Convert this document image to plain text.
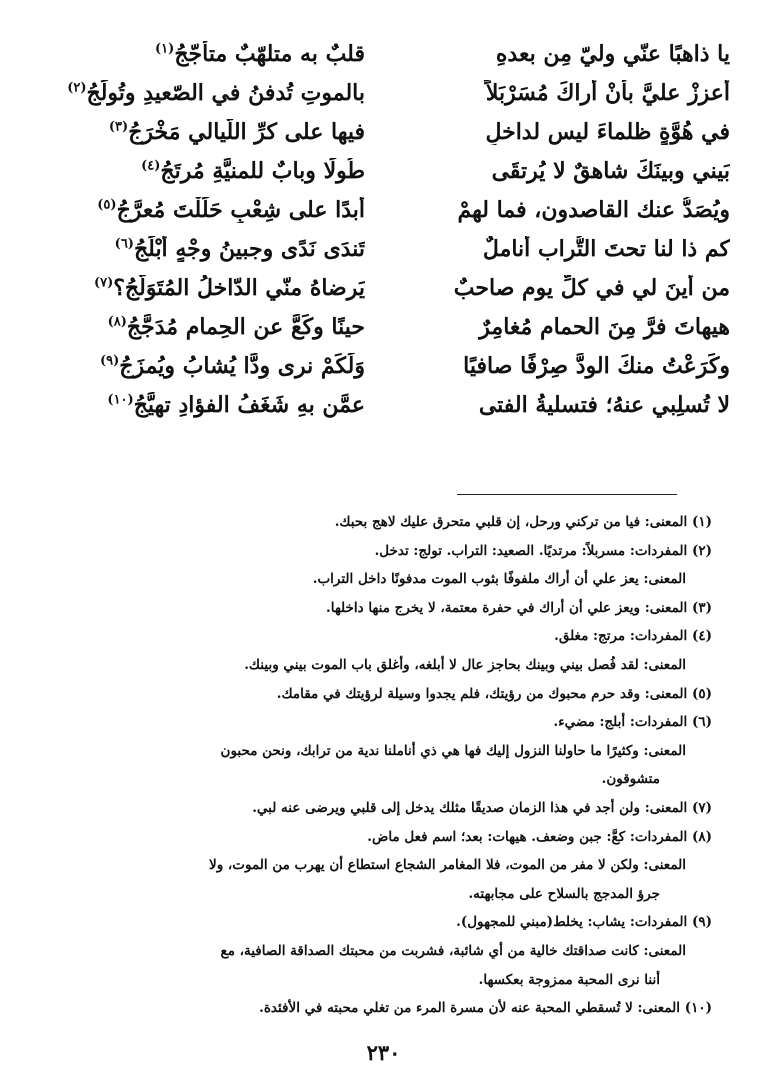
يا ذاهبًا عنّي وليّ مِن بعدهِ
قلبٌ به متلهّبٌ متأجّجُ$^{(١)}$
أعززْ عليَّ بأنْ أراكَ مُسَرْبَلاً
بالموتِ تُدفنُ في الصّعيدِ وتُولَجُ$^{(٢)}$
في هُوَّةٍ ظلماءَ ليس لداخلٍ
فيها على كرِّ اللّيالي مَخْرَجُ$^{(٣)}$
بَيني وبينَكَ شاهقٌ لا يُرتقَى
طُولًا وبابٌ للمنيَّةِ مُرتَجُ$^{(٤)}$
ويُصَدُّ عنك القاصدون، فما لهمْ
أبدًا على شِعْبٍ حَلَلْتَ مُعرَّجُ$^{(٥)}$
كم ذا لنا تحتَ التُّراب أناملٌ
تَندَى نَدًى وجبينُ وجْهٍ أبْلَجُ$^{(٦)}$
من أينَ لي في كلِّ يوم صاحبٌ
يَرضاهُ منّي الدّاخلُ المُتَوَلّجُ؟$^{(٧)}$
هيهاتَ فرَّ مِنَ الحمامِ مُغامِرٌ
حينًا وكَعَّ عن الحِمامِ مُدَجَّجُ$^{(٨)}$
وكَرَعْتُ منكَ الودَّ صِرْفًا صافيًا
وَلَكَمْ نرى وِدًّا يُشابُ ويُمزَجُ$^{(٩)}$
لا تُسلِبي عنهُ؛ فتسليةُ الفتى
عمَّن بهِ شَغَفُ الفؤادِ تهيَّجُ$^{(١٠)}$
(١) المعنى: فيا من تركني ورحل، إن قلبي متحرق عليك لاهج بحبك.
(٢) المفردات: مسربلاً: مرتديًا. الصعيد: التراب. تولج: تدخل.
المعنى: يعز علي أن أراك ملفوفًا بثوب الموت مدفونًا داخل التراب.
(٣) المعنى: ويعز علي أن أراك في حفرة معتمة، لا يخرج منها داخلها.
(٤) المفردات: مرتج: مغلق.
المعنى: لقد فُصل بيني وبينك بحاجز عال لا أبلغه، وأغلق باب الموت بيني وبينك.
(٥) المعنى: وقد حرم محبوك من رؤيتك، فلم يجدوا وسيلة لرؤيتك في مقامك.
(٦) المفردات: أبلج: مضيء.
المعنى: وكثيرًا ما حاولنا النزول إليك فها هي ذي أناملنا ندية من ترابك، ونحن محبون
متشوقون.
(٧) المعنى: ولن أجد في هذا الزمان صديقًا مثلك يدخل إلى قلبي ويرضى عنه لبي.
(٨) المفردات: كعَّ: جبن وضعف. هيهات: بعد؛ اسم فعل ماض.
المعنى: ولكن لا مفر من الموت، فلا المغامر الشجاع استطاع أن يهرب من الموت، ولا
جرؤ المدجج بالسلاح على مجابهته.
(٩) المفردات: يشاب: يخلط(مبني للمجهول).
المعنى: كانت صداقتك خالية من أي شائبة، فشربت من محبتك الصداقة الصافية، مع
أننا نرى المحبة ممزوجة بعكسها.
(١٠) المعنى: لا تُسقطي المحبة عنه لأن مسرة المرء من تغلي محبته في الأفئدة.
٢٣٠
